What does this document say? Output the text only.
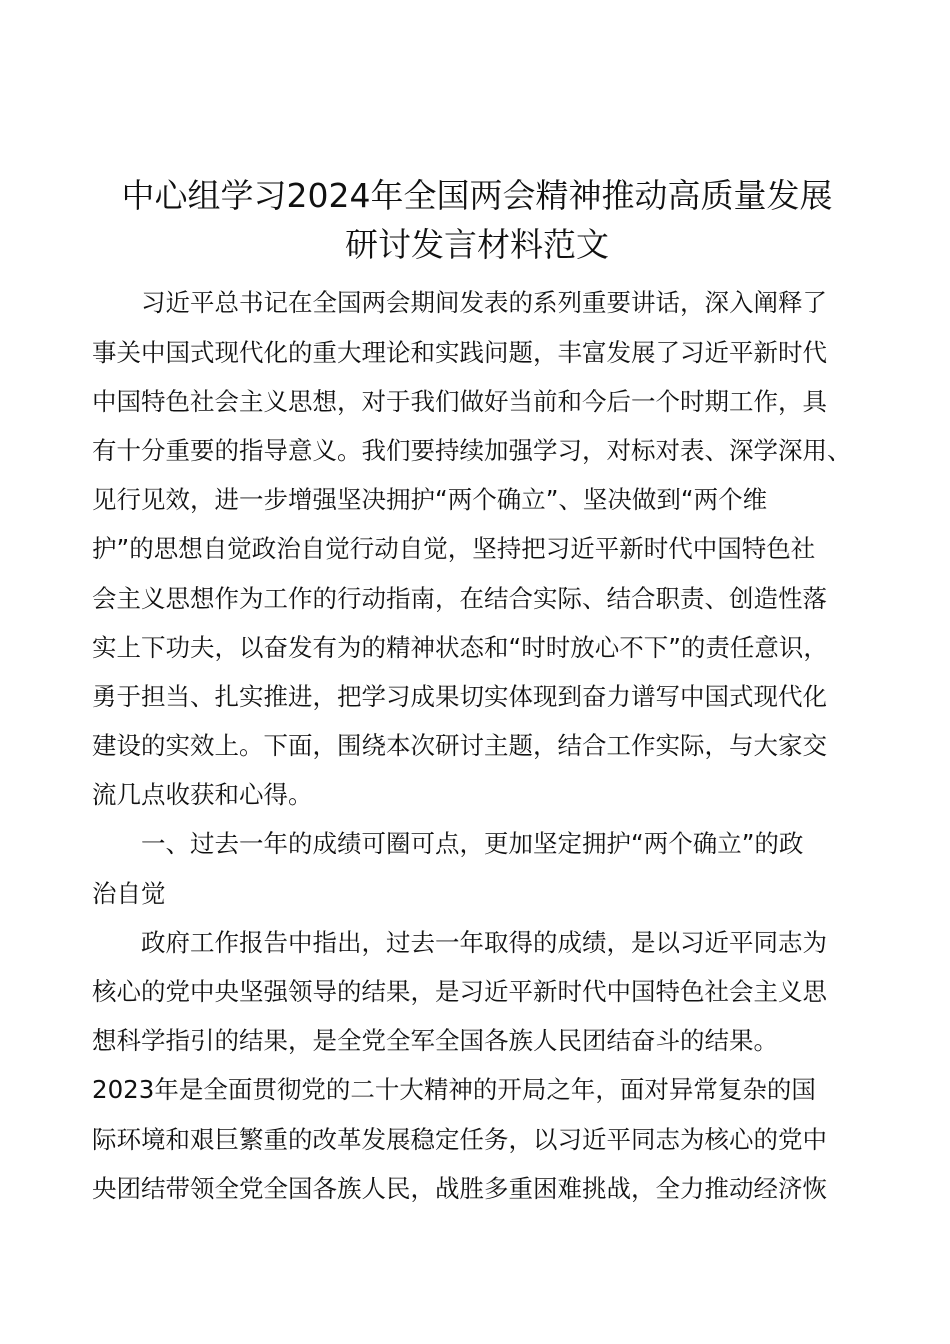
中心组学习2024年全国两会精神推动高质量发展
研讨发言材料范文
习近平总书记在全国两会期间发表的系列重要讲话，深入阐释了
事关中国式现代化的重大理论和实践问题，丰富发展了习近平新时代
中国特色社会主义思想，对于我们做好当前和今后一个时期工作，具
有十分重要的指导意义。我们要持续加强学习，对标对表、深学深用、
见行见效，进一步增强坚决拥护“两个确立”、坚决做到“两个维
护”的思想自觉政治自觉行动自觉，坚持把习近平新时代中国特色社
会主义思想作为工作的行动指南，在结合实际、结合职责、创造性落
实上下功夫，以奋发有为的精神状态和“时时放心不下”的责任意识，
勇于担当、扎实推进，把学习成果切实体现到奋力谱写中国式现代化
建设的实效上。下面，围绕本次研讨主题，结合工作实际，与大家交
流几点收获和心得。
一、过去一年的成绩可圈可点，更加坚定拥护“两个确立”的政
治自觉
政府工作报告中指出，过去一年取得的成绩，是以习近平同志为
核心的党中央坚强领导的结果，是习近平新时代中国特色社会主义思
想科学指引的结果，是全党全军全国各族人民团结奋斗的结果。
2023年是全面贯彻党的二十大精神的开局之年，面对异常复杂的国
际环境和艰巨繁重的改革发展稳定任务，以习近平同志为核心的党中
央团结带领全党全国各族人民，战胜多重困难挑战，全力推动经济恢
